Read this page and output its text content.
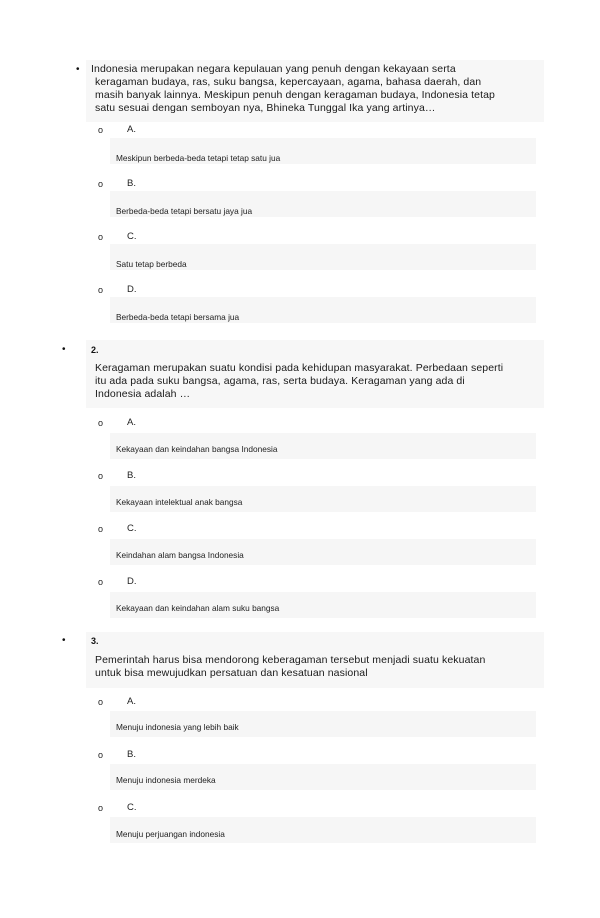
• Indonesia merupakan negara kepulauan yang penuh dengan kekayaan serta
keragaman budaya, ras, suku bangsa, kepercayaan, agama, bahasa daerah, dan
masih banyak lainnya. Meskipun penuh dengan keragaman budaya, Indonesia tetap
satu sesuai dengan semboyan nya, Bhineka Tunggal Ika yang artinya…
o	A.
Meskipun berbeda-beda tetapi tetap satu jua
o	B.
Berbeda-beda tetapi bersatu jaya jua
o	C.
Satu tetap berbeda
o	D.
Berbeda-beda tetapi bersama jua
•	2.
Keragaman merupakan suatu kondisi pada kehidupan masyarakat. Perbedaan seperti
itu ada pada suku bangsa, agama, ras, serta budaya. Keragaman yang ada di
Indonesia adalah …
o	A.
Kekayaan dan keindahan bangsa Indonesia
o	B.
Kekayaan intelektual anak bangsa
o	C.
Keindahan alam bangsa Indonesia
o	D.
Kekayaan dan keindahan alam suku bangsa
•	3.
Pemerintah harus bisa mendorong keberagaman tersebut menjadi suatu kekuatan
untuk bisa mewujudkan persatuan dan kesatuan nasional
o	A.
Menuju indonesia yang lebih baik
o	B.
Menuju indonesia merdeka
o	C.
Menuju perjuangan indonesia
